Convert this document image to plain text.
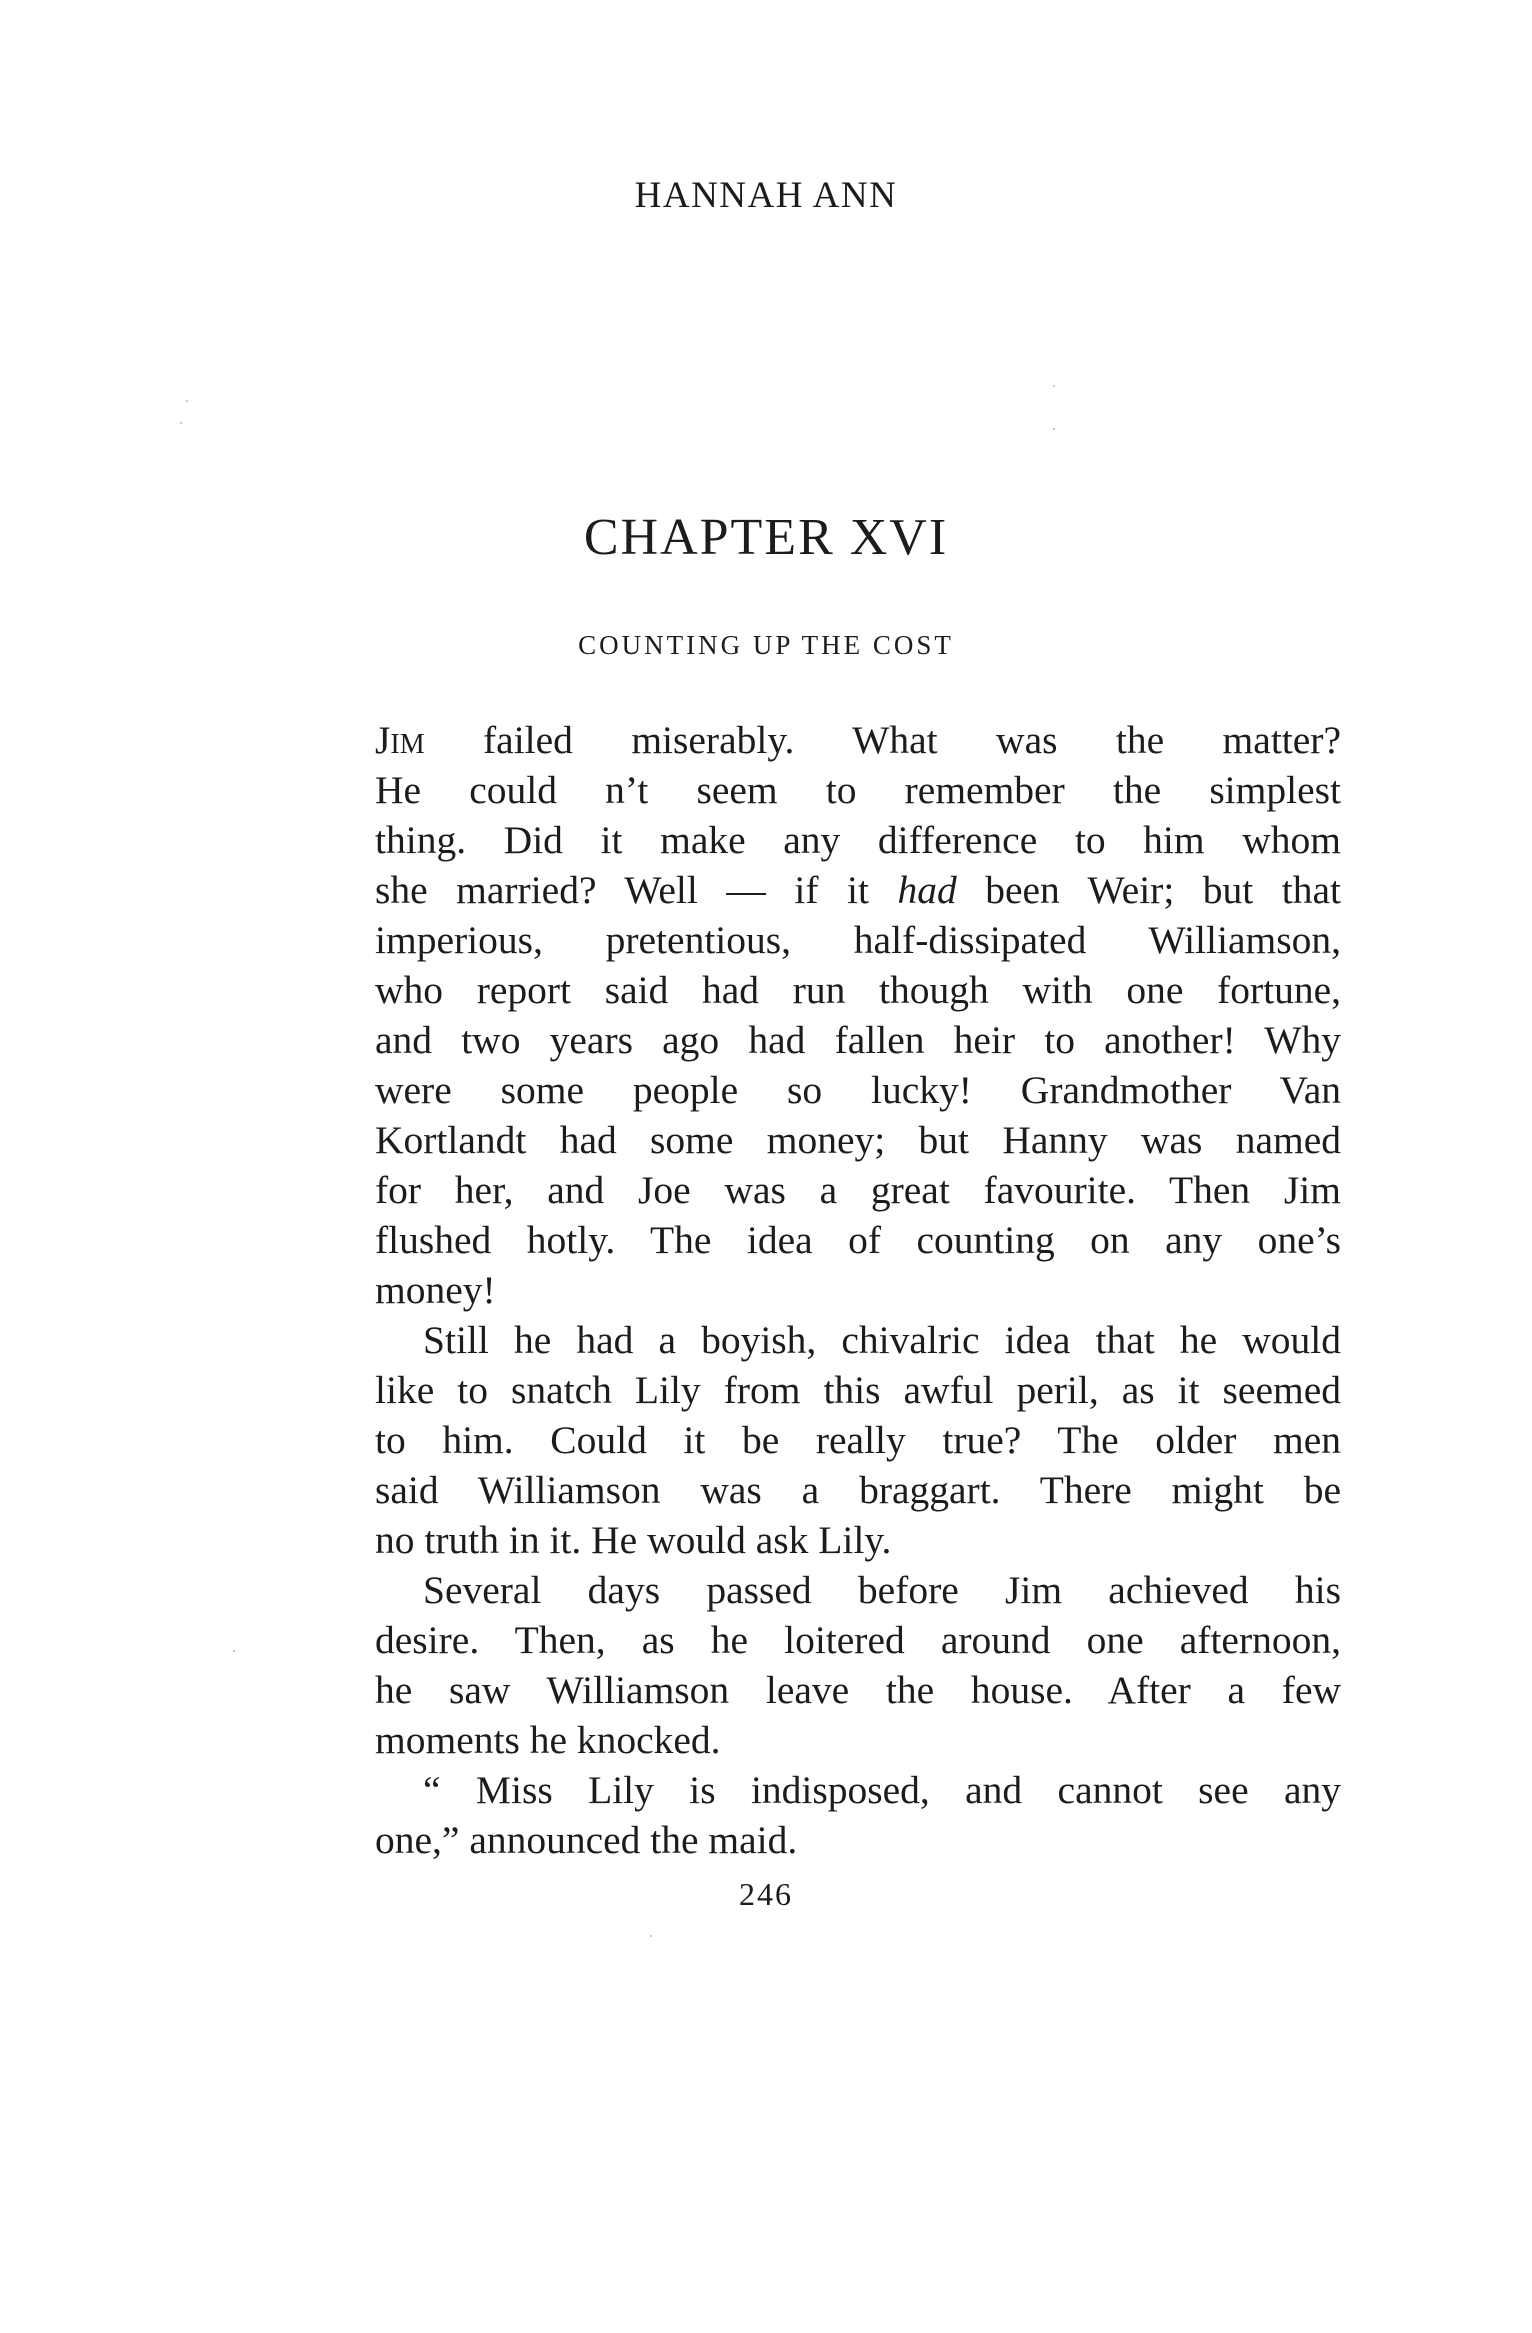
HANNAH ANN
CHAPTER XVI
COUNTING UP THE COST
Jim failed miserably. What was the matter?
He could n’t seem to remember the simplest
thing. Did it make any difference to him whom
she married? Well — if it had been Weir; but that
imperious, pretentious, half-dissipated Williamson,
who report said had run though with one fortune,
and two years ago had fallen heir to another! Why
were some people so lucky! Grandmother Van
Kortlandt had some money; but Hanny was named
for her, and Joe was a great favourite. Then Jim
flushed hotly. The idea of counting on any one’s
money!
Still he had a boyish, chivalric idea that he would
like to snatch Lily from this awful peril, as it seemed
to him. Could it be really true? The older men
said Williamson was a braggart. There might be
no truth in it. He would ask Lily.
Several days passed before Jim achieved his
desire. Then, as he loitered around one afternoon,
he saw Williamson leave the house. After a few
moments he knocked.
“ Miss Lily is indisposed, and cannot see any
one,” announced the maid.
246
